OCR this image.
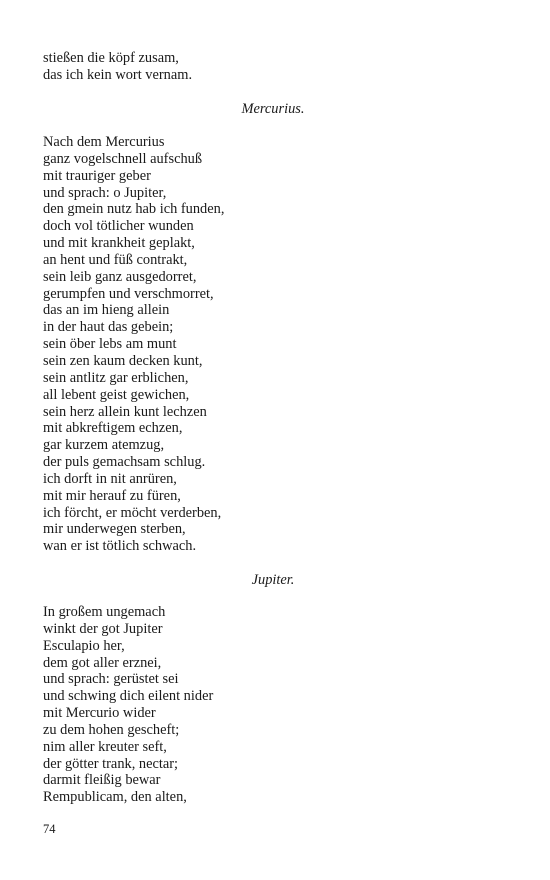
stießen die köpf zusam,
das ich kein wort vernam.

Mercurius.

Nach dem Mercurius
ganz vogelschnell aufschuß
mit trauriger geber
und sprach: o Jupiter,
den gmein nutz hab ich funden,
doch vol tötlicher wunden
und mit krankheit geplakt,
an hent und füß contrakt,
sein leib ganz ausgedorret,
gerumpfen und verschmorret,
das an im hieng allein
in der haut das gebein;
sein öber lebs am munt
sein zen kaum decken kunt,
sein antlitz gar erblichen,
all lebent geist gewichen,
sein herz allein kunt lechzen
mit abkreftigem echzen,
gar kurzem atemzug,
der puls gemachsam schlug.
ich dorft in nit anrüren,
mit mir herauf zu füren,
ich förcht, er möcht verderben,
mir underwegen sterben,
wan er ist tötlich schwach.

Jupiter.

In großem ungemach
winkt der got Jupiter
Esculapio her,
dem got aller erznei,
und sprach: gerüstet sei
und schwing dich eilent nider
mit Mercurio wider
zu dem hohen gescheft;
nim aller kreuter seft,
der götter trank, nectar;
darmit fleißig bewar
Rempublicam, den alten,

74
